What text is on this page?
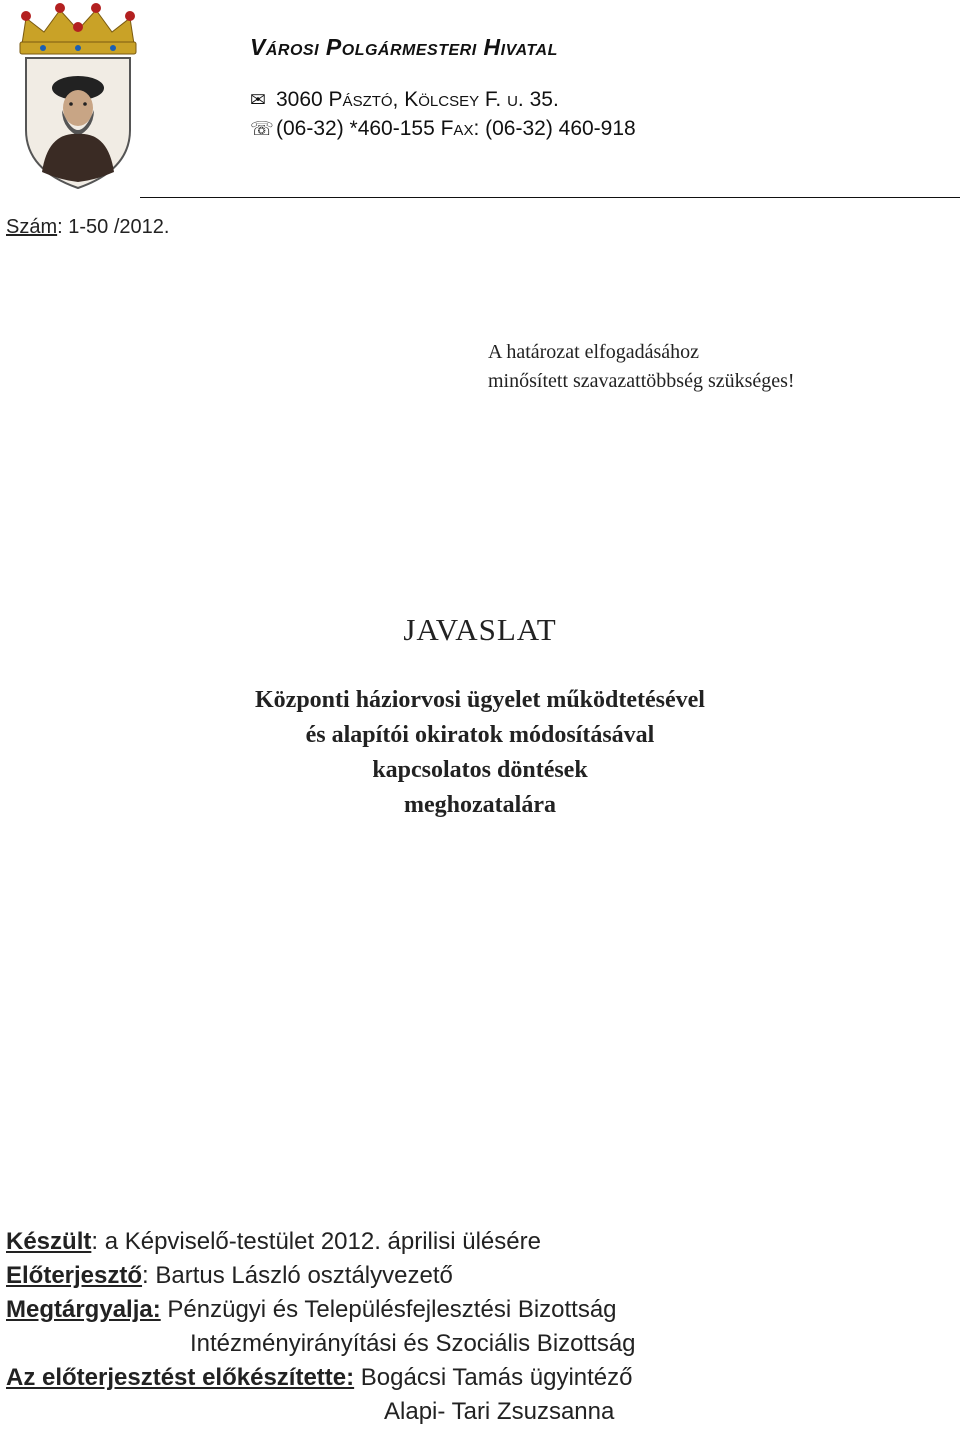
Városi Polgármesteri Hivatal
✉ 3060 Pásztó, Kölcsey F. u. 35.
☏ (06-32) *460-155 Fax: (06-32) 460-918
Szám: 1-50 /2012.
A határozat elfogadásához
minősített szavazattöbbség szükséges!
JAVASLAT
Központi háziorvosi ügyelet működtetésével
és alapítói okiratok módosításával
kapcsolatos döntések
meghozatalára
Készült: a Képviselő-testület 2012. áprilisi ülésére
Előterjesztő: Bartus László osztályvezető
Megtárgyalja: Pénzügyi és Településfejlesztési Bizottság
Intézményirányítási és Szociális Bizottság
Az előterjesztést előkészítette: Bogácsi Tamás ügyintéző
Alapi- Tari Zsuzsanna
